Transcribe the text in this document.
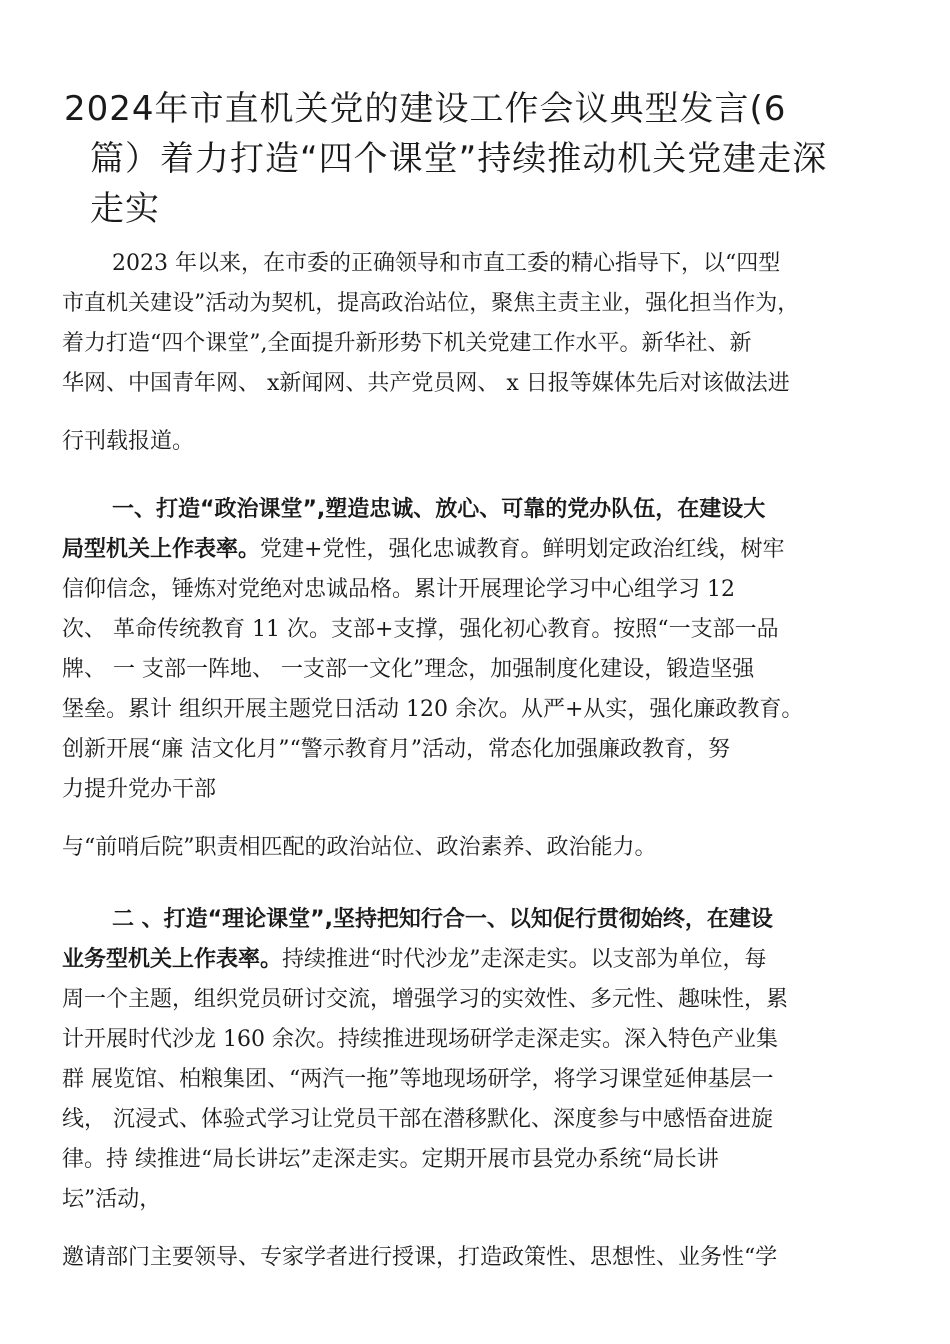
2024年市直机关党的建设工作会议典型发言(6
篇）着力打造“四个课堂”持续推动机关党建走深
走实
2023 年以来，在市委的正确领导和市直工委的精心指导下，以“四型
市直机关建设”活动为契机，提高政治站位，聚焦主责主业，强化担当作为，
着力打造“四个课堂”,全面提升新形势下机关党建工作水平。新华社、新
华网、中国青年网、 x新闻网、共产党员网、 x 日报等媒体先后对该做法进
行刊载报道。
一、打造“政治课堂”,塑造忠诚、放心、可靠的党办队伍，在建设大
局型机关上作表率。党建+党性，强化忠诚教育。鲜明划定政治红线，树牢
信仰信念，锤炼对党绝对忠诚品格。累计开展理论学习中心组学习 12
次、 革命传统教育 11 次。支部+支撑，强化初心教育。按照“一支部一品
牌、 一 支部一阵地、 一支部一文化”理念，加强制度化建设，锻造坚强
堡垒。累计 组织开展主题党日活动 120 余次。从严+从实，强化廉政教育。
创新开展“廉 洁文化月”“警示教育月”活动，常态化加强廉政教育，努
力提升党办干部
与“前哨后院”职责相匹配的政治站位、政治素养、政治能力。
二 、打造“理论课堂”,坚持把知行合一、以知促行贯彻始终，在建设
业务型机关上作表率。持续推进“时代沙龙”走深走实。以支部为单位，每
周一个主题，组织党员研讨交流，增强学习的实效性、多元性、趣味性，累
计开展时代沙龙 160 余次。持续推进现场研学走深走实。深入特色产业集
群 展览馆、柏粮集团、“两汽一拖”等地现场研学，将学习课堂延伸基层一
线， 沉浸式、体验式学习让党员干部在潜移默化、深度参与中感悟奋进旋
律。持 续推进“局长讲坛”走深走实。定期开展市县党办系统“局长讲
坛”活动，
邀请部门主要领导、专家学者进行授课，打造政策性、思想性、业务性“学
